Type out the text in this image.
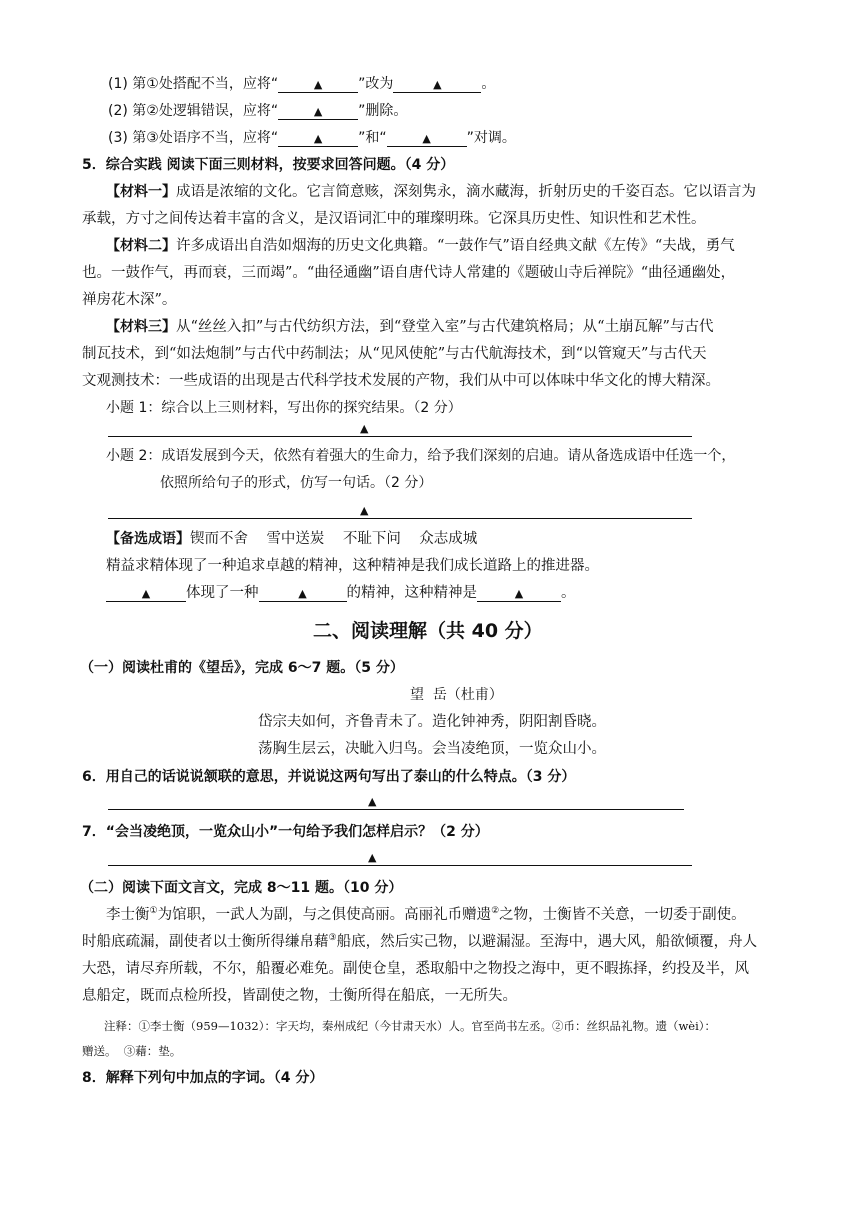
(1) 第①处搭配不当，应将“	▲	”改为	▲	。
(2) 第②处逻辑错误，应将“	▲	”删除。
(3) 第③处语序不当，应将“	▲	”和“	▲	”对调。
5．综合实践 阅读下面三则材料，按要求回答问题。（4 分）
【材料一】成语是浓缩的文化。它言简意赅，深刻隽永，滴水藏海，折射历史的千姿百态。它以语言为
承载，方寸之间传达着丰富的含义，是汉语词汇中的璀璨明珠。它深具历史性、知识性和艺术性。
【材料二】许多成语出自浩如烟海的历史文化典籍。“一鼓作气”语自经典文献《左传》“夫战，勇气
也。一鼓作气，再而衰，三而竭”。“曲径通幽”语自唐代诗人常建的《题破山寺后禅院》“曲径通幽处，
禅房花木深”。
【材料三】从“丝丝入扣”与古代纺织方法，到“登堂入室”与古代建筑格局；从“土崩瓦解”与古代
制瓦技术，到“如法炮制”与古代中药制法；从“见风使舵”与古代航海技术，到“以管窥天”与古代天
文观测技术：一些成语的出现是古代科学技术发展的产物，我们从中可以体味中华文化的博大精深。
小题 1：综合以上三则材料，写出你的探究结果。（2 分）
▲
小题 2：成语发展到今天，依然有着强大的生命力，给予我们深刻的启迪。请从备选成语中任选一个，
依照所给句子的形式，仿写一句话。（2 分）
▲
【备选成语】锲而不舍    雪中送炭    不耻下问    众志成城
精益求精体现了一种追求卓越的精神，这种精神是我们成长道路上的推进器。
▲ 体现了一种	▲	的精神，这种精神是	▲	。
二、阅读理解（共 40 分）
（一）阅读杜甫的《望岳》，完成 6～7 题。（5 分）
望  岳（杜甫）
岱宗夫如何，齐鲁青未了。造化钟神秀，阴阳割昏晓。
荡胸生层云，决眦入归鸟。会当凌绝顶，一览众山小。
6．用自己的话说说颔联的意思，并说说这两句写出了泰山的什么特点。（3 分）
▲
7．“会当凌绝顶，一览众山小”一句给予我们怎样启示？（2 分）
▲
（二）阅读下面文言文，完成 8～11 题。（10 分）
李士衡①为馆职，一武人为副，与之俱使高丽。高丽礼币赠遗②之物，士衡皆不关意，一切委于副使。
时船底疏漏，副使者以士衡所得缣帛藉③船底，然后实己物，以避漏湿。至海中，遇大风，船欲倾覆，舟人
大恐，请尽弃所载，不尔，船覆必难免。副使仓皇，悉取船中之物投之海中，更不暇拣择，约投及半，风
息船定，既而点检所投，皆副使之物，士衡所得在船底，一无所失。
注释：①李士衡（959—1032）：字天均，秦州成纪（今甘肃天水）人。官至尚书左丞。②币：丝织品礼物。遗（wèi）：
赠送。  ③藉：垫。
8．解释下列句中加点的字词。（4 分）
